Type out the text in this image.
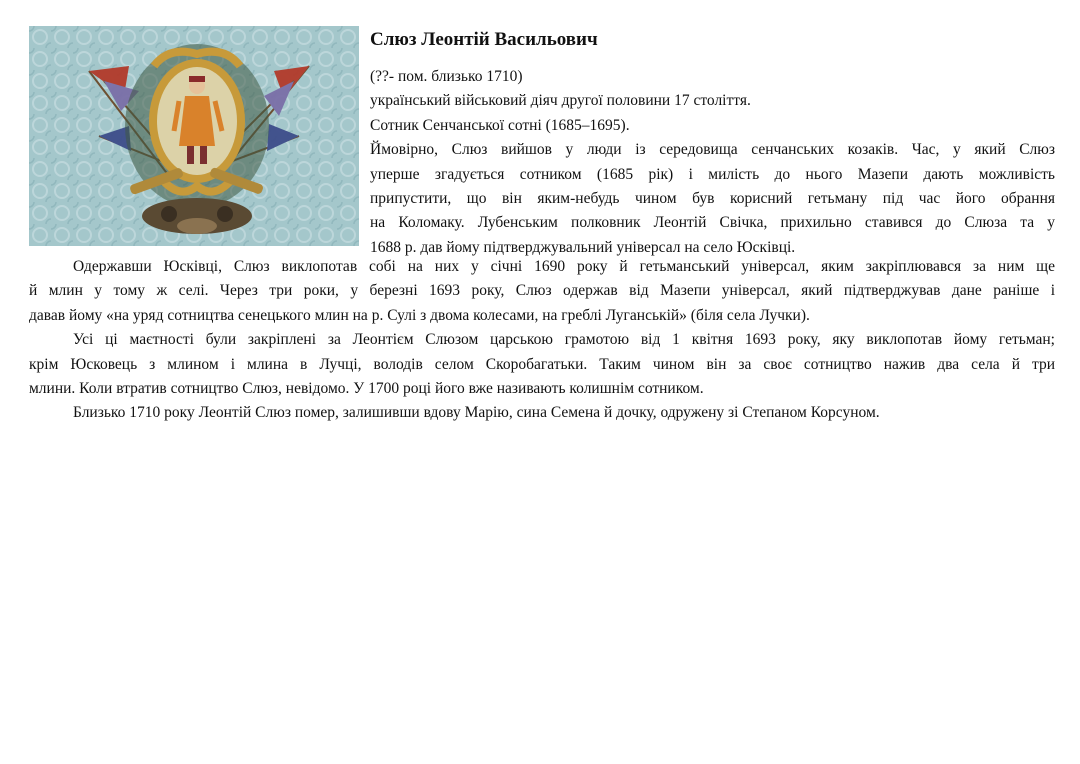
Слюз Леонтій Васильович
(??- пом. близько 1710)
український військовий діяч другої половини 17 століття.
Сотник Сенчанської сотні (1685–1695).
Ймовірно, Слюз вийшов у люди із середовища сенчанських козаків. Час, у який Слюз
уперше згадується сотником (1685 рік) і милість до нього Мазепи дають можливість
припустити, що він яким-небудь чином був корисний гетьману під час його обрання
на Коломаку. Лубенським полковник Леонтій Свічка, прихильно ставився до Слюза та у
1688 р. дав йому підтверджувальний універсал на село Юсківці.
Одержавши Юсківці, Слюз виклопотав собі на них у січні 1690 року й гетьманський універсал, яким закріплювався за ним ще
й млин у тому ж селі. Через три роки, у березні 1693 року, Слюз одержав від Мазепи універсал, який підтверджував дане раніше і
давав йому «на уряд сотництва сенецького млин на р. Сулі з двома колесами, на греблі Луганській» (біля села Лучки).
Усі ці маєтності були закріплені за Леонтієм Слюзом царською грамотою від 1 квітня 1693 року, яку виклопотав йому гетьман;
крім Юсковець з млином і млина в Лучці, володів селом Скоробагатьки. Таким чином він за своє сотництво нажив два села й три
млини. Коли втратив сотництво Слюз, невідомо. У 1700 році його вже називають колишнім сотником.
Близько 1710 року Леонтій Слюз помер, залишивши вдову Марію, сина Семена й дочку, одружену зі Степаном Корсуном.
